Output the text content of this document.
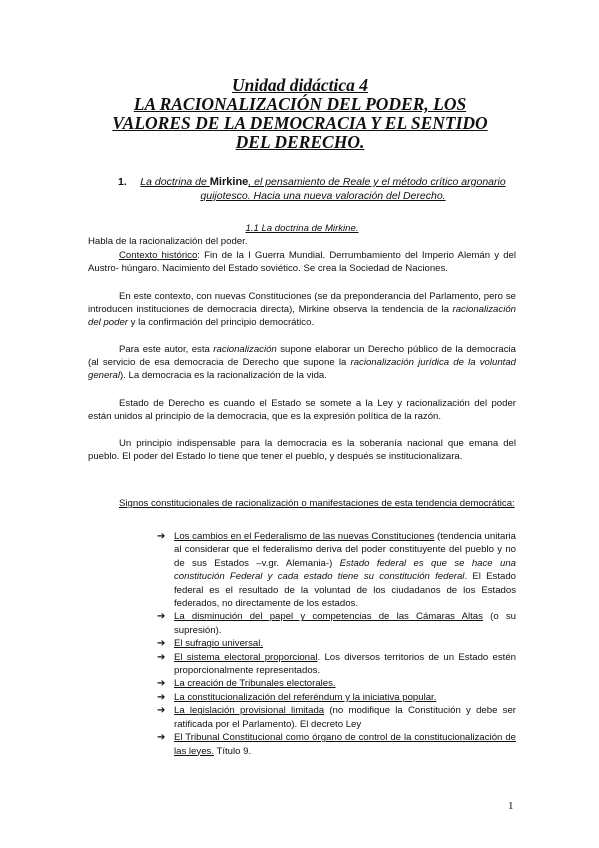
Unidad didáctica 4
LA RACIONALIZACIÓN DEL PODER, LOS
VALORES DE LA DEMOCRACIA Y EL SENTIDO
DEL DERECHO.
1.	La doctrina de Mirkine, el pensamiento de Reale y el método crítico argonario
quijotesco. Hacia una nueva valoración del Derecho.
1.1 La doctrina de Mirkine.
Habla de la racionalización del poder.
Contexto histórico: Fin de la I Guerra Mundial. Derrumbamiento del Imperio Alemán y del Austro- húngaro. Nacimiento del Estado soviético. Se crea la Sociedad de Naciones.
En este contexto, con nuevas Constituciones (se da preponderancia del Parlamento, pero se introducen instituciones de democracia directa), Mirkine observa la tendencia de la racionalización del poder y la confirmación del principio democrático.
Para este autor, esta racionalización supone elaborar un Derecho público de la democracia (al servicio de esa democracia de Derecho que supone la racionalización jurídica de la voluntad general). La democracia es la racionalización de la vida.
Estado de Derecho es cuando el Estado se somete a la Ley y racionalización del poder están unidos al principio de la democracia, que es la expresión política de la razón.
Un principio indispensable para la democracia es la soberanía nacional que emana del pueblo. El poder del Estado lo tiene que tener el pueblo, y después se institucionalizara.
Signos constitucionales de racionalización o manifestaciones de esta tendencia democrática:

➔ Los cambios en el Federalismo de las nuevas Constituciones (tendencia unitaria al considerar que el federalismo deriva del poder constituyente del pueblo y no de sus Estados –v.gr. Alemania-) Estado federal es que se hace una constitución Federal y cada estado tiene su constitución federal. El Estado federal es el resultado de la voluntad de los ciudadanos de los Estados federados, no directamente de los estados.

➔ La disminución del papel y competencias de las Cámaras Altas (o su supresión).

➔ El sufragio universal.

➔ El sistema electoral proporcional. Los diversos territorios de un Estado estén proporcionalmente representados.

➔ La creación de Tribunales electorales.

➔ La constitucionalización del referéndum y la iniciativa popular.

➔ La legislación provisional limitada (no modifique la Constitución y debe ser ratificada por el Parlamento). El decreto Ley

➔ El Tribunal Constitucional como órgano de control de la constitucionalización de las leyes. Título 9.

1
